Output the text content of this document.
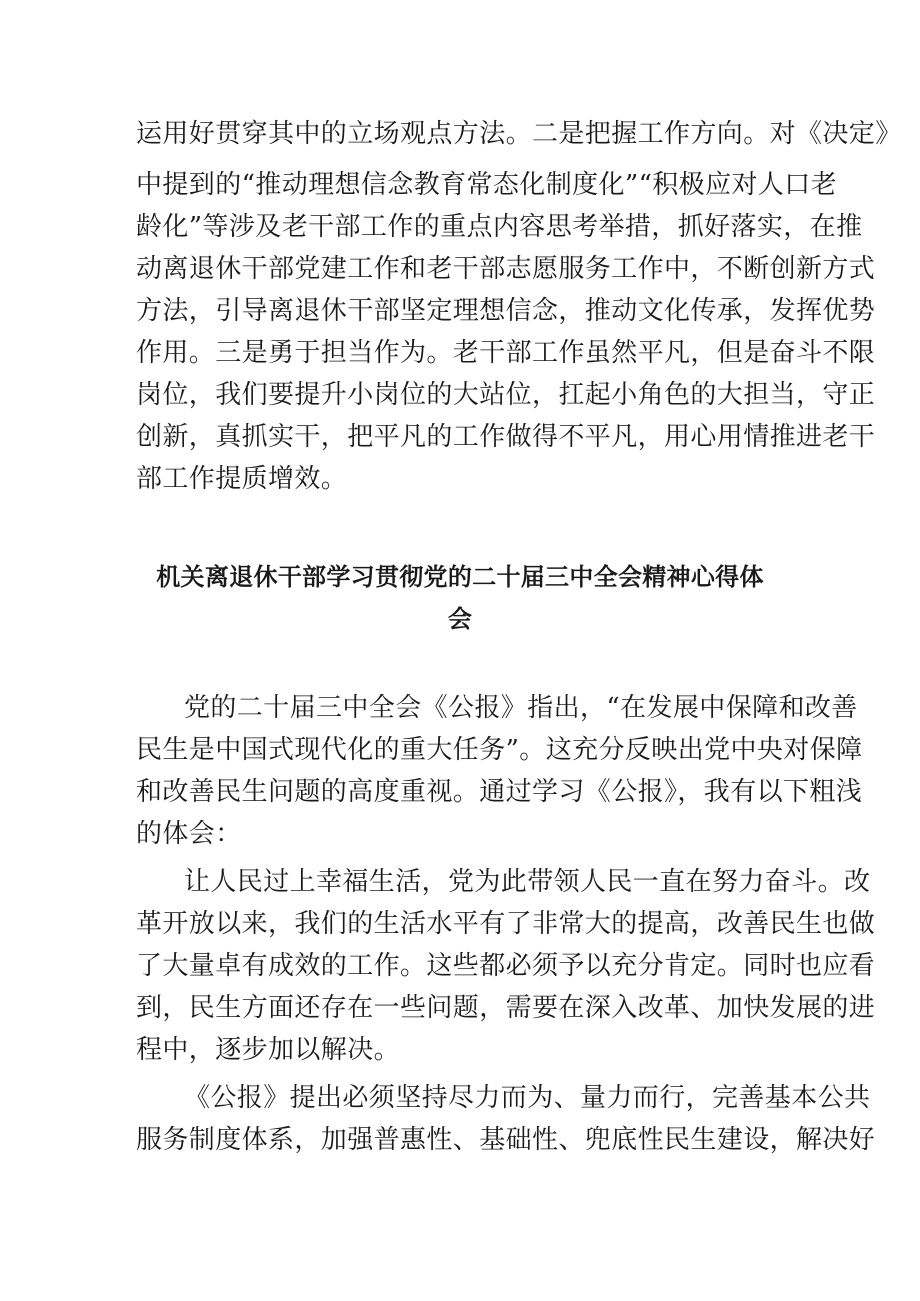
运用好贯穿其中的立场观点方法。二是把握工作方向。对《决定》
中提到的“推动理想信念教育常态化制度化”“积极应对人口老
龄化”等涉及老干部工作的重点内容思考举措，抓好落实，在推
动离退休干部党建工作和老干部志愿服务工作中，不断创新方式
方法，引导离退休干部坚定理想信念，推动文化传承，发挥优势
作用。三是勇于担当作为。老干部工作虽然平凡，但是奋斗不限
岗位，我们要提升小岗位的大站位，扛起小角色的大担当，守正
创新，真抓实干，把平凡的工作做得不平凡，用心用情推进老干
部工作提质增效。
机关离退休干部学习贯彻党的二十届三中全会精神心得体
会
党的二十届三中全会《公报》指出，“在发展中保障和改善
民生是中国式现代化的重大任务”。这充分反映出党中央对保障
和改善民生问题的高度重视。通过学习《公报》，我有以下粗浅
的体会：
让人民过上幸福生活，党为此带领人民一直在努力奋斗。改
革开放以来，我们的生活水平有了非常大的提高，改善民生也做
了大量卓有成效的工作。这些都必须予以充分肯定。同时也应看
到，民生方面还存在一些问题，需要在深入改革、加快发展的进
程中，逐步加以解决。
《公报》提出必须坚持尽力而为、量力而行，完善基本公共
服务制度体系，加强普惠性、基础性、兜底性民生建设，解决好
